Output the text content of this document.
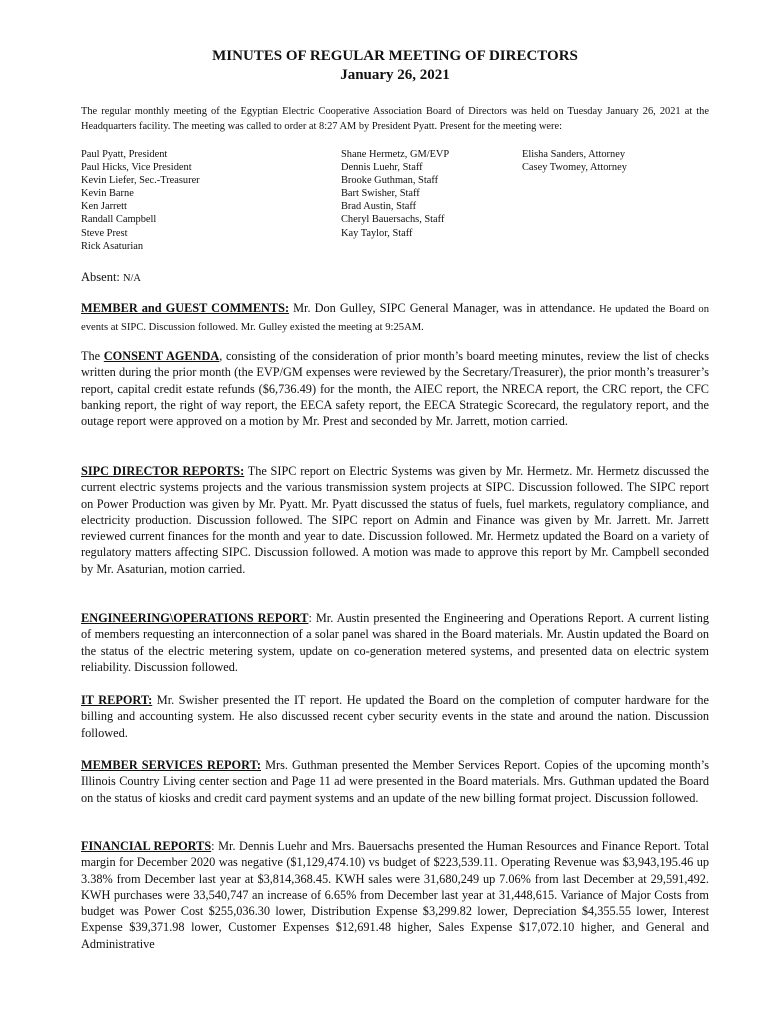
MINUTES OF REGULAR MEETING OF DIRECTORS
January 26, 2021
The regular monthly meeting of the Egyptian Electric Cooperative Association Board of Directors was held on Tuesday January 26, 2021 at the Headquarters facility. The meeting was called to order at 8:27 AM by President Pyatt. Present for the meeting were:
Paul Pyatt, President
Paul Hicks, Vice President
Kevin Liefer, Sec.-Treasurer
Kevin Barne
Ken Jarrett
Randall Campbell
Steve Prest
Rick Asaturian
Shane Hermetz, GM/EVP
Dennis Luehr, Staff
Brooke Guthman, Staff
Bart Swisher, Staff
Brad Austin, Staff
Cheryl Bauersachs, Staff
Kay Taylor, Staff
Elisha Sanders, Attorney
Casey Twomey, Attorney
Absent: N/A

MEMBER and GUEST COMMENTS: Mr. Don Gulley, SIPC General Manager, was in attendance. He updated the Board on events at SIPC. Discussion followed. Mr. Gulley existed the meeting at 9:25AM.

The CONSENT AGENDA, consisting of the consideration of prior month’s board meeting minutes, review the list of checks written during the prior month (the EVP/GM expenses were reviewed by the Secretary/Treasurer), the prior month’s treasurer’s report, capital credit estate refunds ($6,736.49) for the month, the AIEC report, the NRECA report, the CRC report, the CFC banking report, the right of way report, the EECA safety report, the EECA Strategic Scorecard, the regulatory report, and the outage report were approved on a motion by Mr. Prest and seconded by Mr. Jarrett, motion carried.

SIPC DIRECTOR REPORTS: The SIPC report on Electric Systems was given by Mr. Hermetz. Mr. Hermetz discussed the current electric systems projects and the various transmission system projects at SIPC. Discussion followed. The SIPC report on Power Production was given by Mr. Pyatt. Mr. Pyatt discussed the status of fuels, fuel markets, regulatory compliance, and electricity production. Discussion followed. The SIPC report on Admin and Finance was given by Mr. Jarrett. Mr. Jarrett reviewed current finances for the month and year to date. Discussion followed. Mr. Hermetz updated the Board on a variety of regulatory matters affecting SIPC. Discussion followed. A motion was made to approve this report by Mr. Campbell seconded by Mr. Asaturian, motion carried.

ENGINEERING\OPERATIONS REPORT: Mr. Austin presented the Engineering and Operations Report. A current listing of members requesting an interconnection of a solar panel was shared in the Board materials. Mr. Austin updated the Board on the status of the electric metering system, update on co-generation metered systems, and presented data on electric system reliability. Discussion followed.

IT REPORT: Mr. Swisher presented the IT report. He updated the Board on the completion of computer hardware for the billing and accounting system. He also discussed recent cyber security events in the state and around the nation. Discussion followed.

MEMBER SERVICES REPORT: Mrs. Guthman presented the Member Services Report. Copies of the upcoming month’s Illinois Country Living center section and Page 11 ad were presented in the Board materials. Mrs. Guthman updated the Board on the status of kiosks and credit card payment systems and an update of the new billing format project. Discussion followed.

FINANCIAL REPORTS: Mr. Dennis Luehr and Mrs. Bauersachs presented the Human Resources and Finance Report. Total margin for December 2020 was negative ($1,129,474.10) vs budget of $223,539.11. Operating Revenue was $3,943,195.46 up 3.38% from December last year at $3,814,368.45. KWH sales were 31,680,249 up 7.06% from last December at 29,591,492. KWH purchases were 33,540,747 an increase of 6.65% from December last year at 31,448,615. Variance of Major Costs from budget was Power Cost $255,036.30 lower, Distribution Expense $3,299.82 lower, Depreciation $4,355.55 lower, Interest Expense $39,371.98 lower, Customer Expenses $12,691.48 higher, Sales Expense $17,072.10 higher, and General and Administrative
